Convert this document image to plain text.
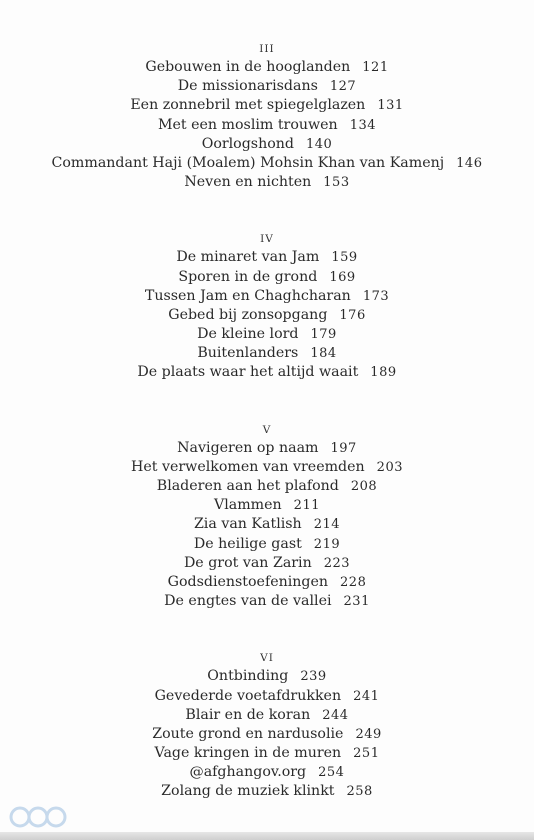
III
Gebouwen in de hooglanden 121
De missionarisdans 127
Een zonnebril met spiegelglazen 131
Met een moslim trouwen 134
Oorlogshond 140
Commandant Haji (Moalem) Mohsin Khan van Kamenj 146
Neven en nichten 153
IV
De minaret van Jam 159
Sporen in de grond 169
Tussen Jam en Chaghcharan 173
Gebed bij zonsopgang 176
De kleine lord 179
Buitenlanders 184
De plaats waar het altijd waait 189
V
Navigeren op naam 197
Het verwelkomen van vreemden 203
Bladeren aan het plafond 208
Vlammen 211
Zia van Katlish 214
De heilige gast 219
De grot van Zarin 223
Godsdienstoefeningen 228
De engtes van de vallei 231
VI
Ontbinding 239
Gevederde voetafdrukken 241
Blair en de koran 244
Zoute grond en nardusolie 249
Vage kringen in de muren 251
@afghangov.org 254
Zolang de muziek klinkt 258
